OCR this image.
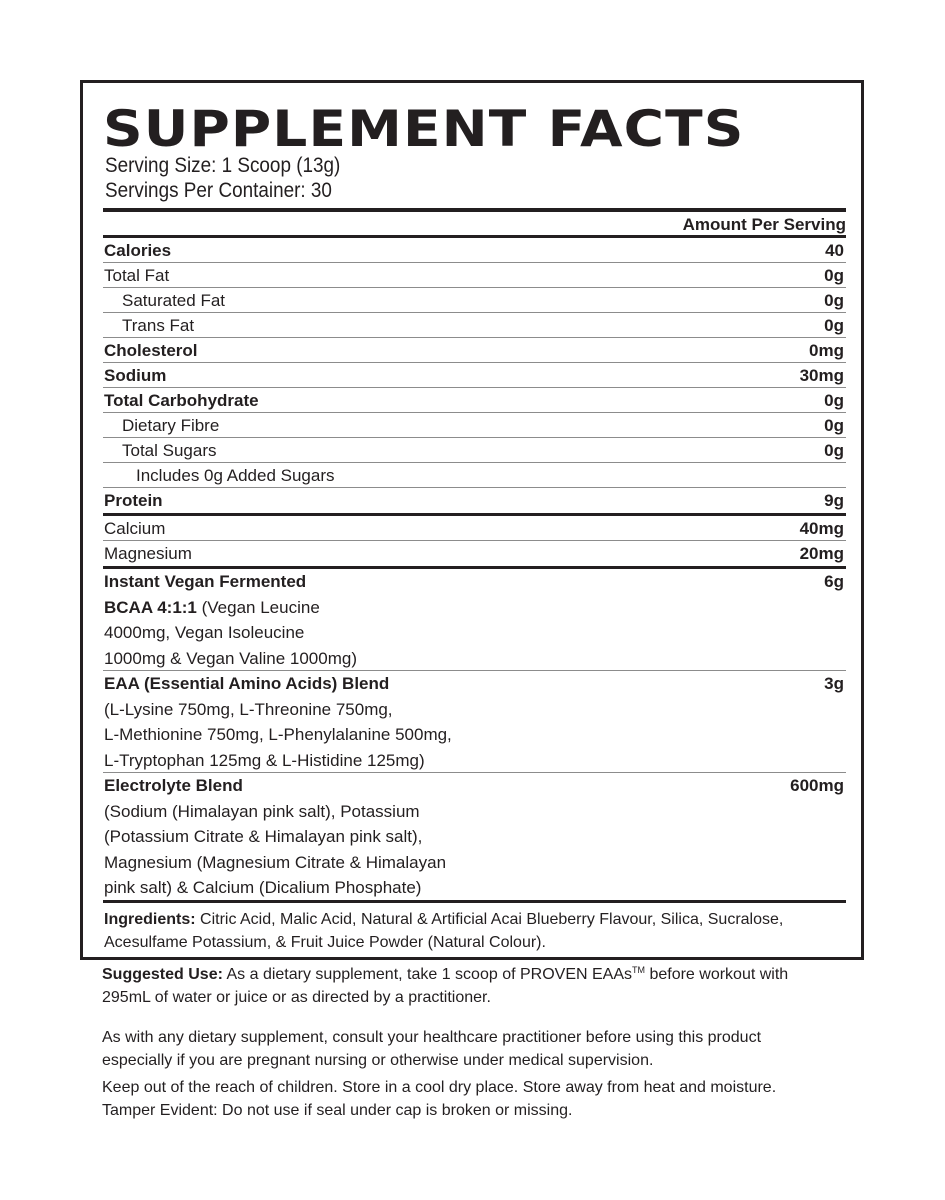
SUPPLEMENT FACTS
Serving Size: 1 Scoop (13g)
Servings Per Container: 30
Amount Per Serving
Calories	40
Total Fat	0g
Saturated Fat	0g
Trans Fat	0g
Cholesterol	0mg
Sodium	30mg
Total Carbohydrate	0g
Dietary Fibre	0g
Total Sugars	0g
Includes 0g Added Sugars
Protein	9g
Calcium	40mg
Magnesium	20mg
Instant Vegan Fermented	6g
BCAA 4:1:1 (Vegan Leucine
4000mg, Vegan Isoleucine
1000mg & Vegan Valine 1000mg)
EAA (Essential Amino Acids) Blend	3g
(L-Lysine 750mg, L-Threonine 750mg,
L-Methionine 750mg, L-Phenylalanine 500mg,
L-Tryptophan 125mg & L-Histidine 125mg)
Electrolyte Blend	600mg
(Sodium (Himalayan pink salt), Potassium
(Potassium Citrate & Himalayan pink salt),
Magnesium (Magnesium Citrate & Himalayan
pink salt) & Calcium (Dicalium Phosphate)
Ingredients: Citric Acid, Malic Acid, Natural & Artificial Acai Blueberry Flavour, Silica, Sucralose,
Acesulfame Potassium, & Fruit Juice Powder (Natural Colour).
Suggested Use: As a dietary supplement, take 1 scoop of PROVEN EAAs™ before workout with
295mL of water or juice or as directed by a practitioner.
As with any dietary supplement, consult your healthcare practitioner before using this product
especially if you are pregnant nursing or otherwise under medical supervision.
Keep out of the reach of children. Store in a cool dry place. Store away from heat and moisture.
Tamper Evident: Do not use if seal under cap is broken or missing.
